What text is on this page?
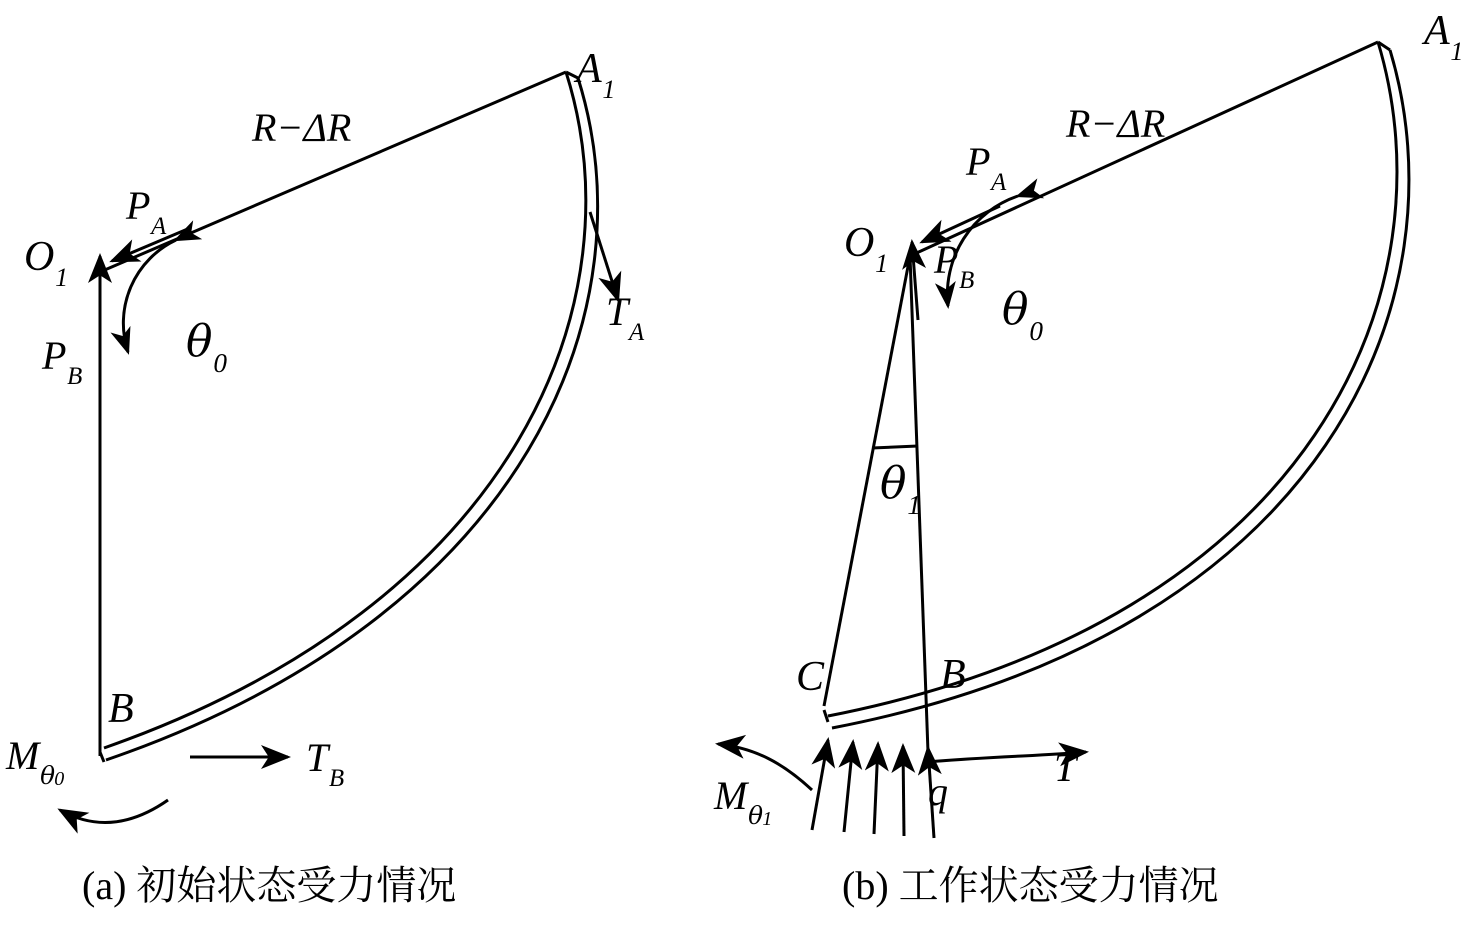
R−ΔR
$O_1$
$A_1$
$P_A$
$P_B$
$T_A$
$\theta_0$
B
$T_B$
$M_{\theta 0}$
R−ΔR
$O_1$
$A_1$
$P_A$
$P_B$
$\theta_0$
$\theta_1$
C	B
q
T
$M_{\theta 1}$
(a) 初始状态受力情况	(b) 工作状态受力情况
